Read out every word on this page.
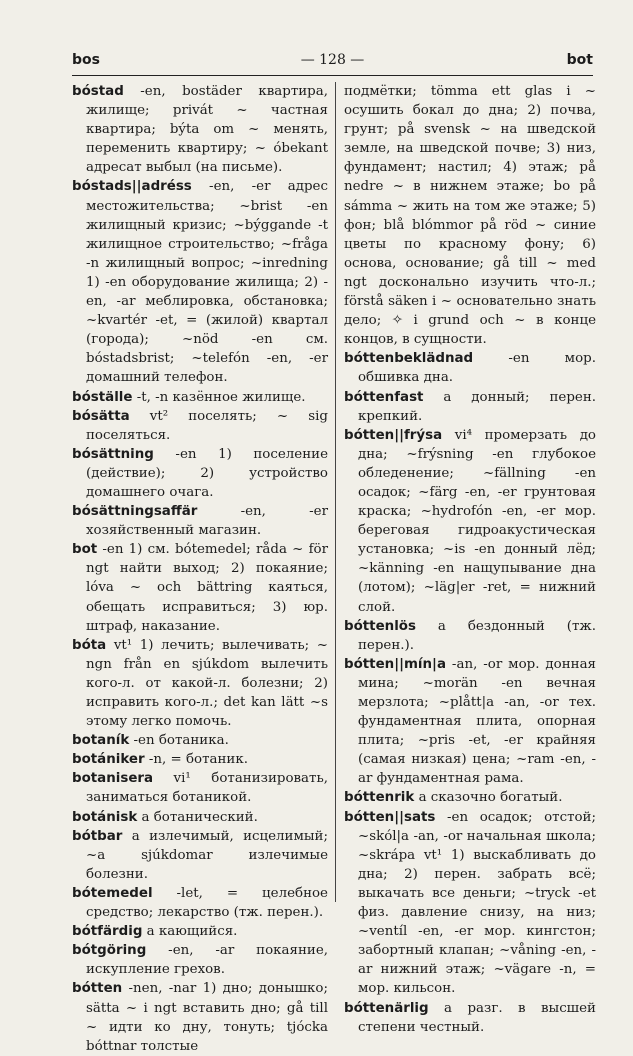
bos	— 128 —	bot

bóstad -en, bostäder квартира, жилище; privát ~ частная квартира; býta om ~ менять, переменить квартиру; ~ óbekant адресат выбыл (на письме).

bóstads||adréss -en, -er адрес местожительства; ~brist -en жилищный кризис; ~býggande -t жилищное строительство; ~fråga -n жилищный вопрос; ~inredning 1) -en оборудование жилища; 2) -en, -ar меблировка, обстановка; ~kvartér -et, = (жилой) квартал (города); ~nöd -en см. bóstadsbrist; ~telefón -en, -er домашний телефон.

bóställe -t, -n казённое жилище.

bósätta vt² поселять; ~ sig поселяться.

bósättning -en 1) поселение (действие); 2) устройство домашнего очага.

bósättningsaffär -en, -er хозяйственный магазин.

bot -en 1) см. bótemedel; råda ~ för ngt найти выход; 2) покаяние; lóva ~ och bättring каяться, обещать исправиться; 3) юр. штраф, наказание.

bóta vt¹ 1) лечить; вылечивать; ~ ngn från en sjúkdom вылечить кого-л. от какой-л. болезни; 2) исправить кого-л.; det kan lätt ~s этому легко помочь.

botaník -en ботаника.

botániker -n, = ботаник.

botanisera vi¹ ботанизировать, заниматься ботаникой.

botánisk a ботанический.

bótbar a излечимый, исцелимый; ~a sjúkdomar излечимые болезни.

bótemedel -let, = целебное средство; лекарство (тж. перен.).

bótfärdig a кающийся.

bótgöring -en, -ar покаяние, искупление грехов.

bótten -nen, -nar 1) дно; донышко; sätta ~ i ngt вставить дно; gå till ~ идти ко дну, тонуть; tjócka bóttnar толстые

подмётки; tömma ett glas i ~ осушить бокал до дна; 2) почва, грунт; på svensk ~ на шведской земле, на шведской почве; 3) низ, фундамент; настил; 4) этаж; på nedre ~ в нижнем этаже; bo på sámma ~ жить на том же этаже; 5) фон; blå blómmor på röd ~ синие цветы по красному фону; 6) основа, основание; gå till ~ med ngt досконально изучить что-л.; förstå säken i ~ основательно знать дело; ✧ i grund och ~ в конце концов, в сущности.

bóttenbeklädnad -en мор. обшивка дна.

bóttenfast a донный; перен. крепкий.

bótten||frýsa vi⁴ промерзать до дна; ~frýsning -en глубокое обледенение; ~fällning -en осадок; ~färg -en, -er грунтовая краска; ~hydrofón -en, -er мор. береговая гидроакустическая установка; ~is -en донный лёд; ~känning -en нащупывание дна (лотом); ~läg|er -ret, = нижний слой.

bóttenlös a бездонный (тж. перен.).

bótten||mín|a -an, -or мор. донная мина; ~morän -en вечная мерзлота; ~plått|a -an, -or тех. фундаментная плита, опорная плита; ~pris -et, -er крайняя (самая низкая) цена; ~ram -en, -ar фундаментная рама.

bóttenrik a сказочно богатый.

bótten||sats -en осадок; отстой; ~skól|a -an, -or начальная школа; ~skrápa vt¹ 1) выскабливать до дна; 2) перен. забрать всё; выкачать все деньги; ~tryck -et физ. давление снизу, на низ; ~ventíl -en, -er мор. кингстон; забортный клапан; ~våning -en, -ar нижний этаж; ~vägare -n, = мор. кильсон.

bóttenärlig a разг. в высшей степени честный.
